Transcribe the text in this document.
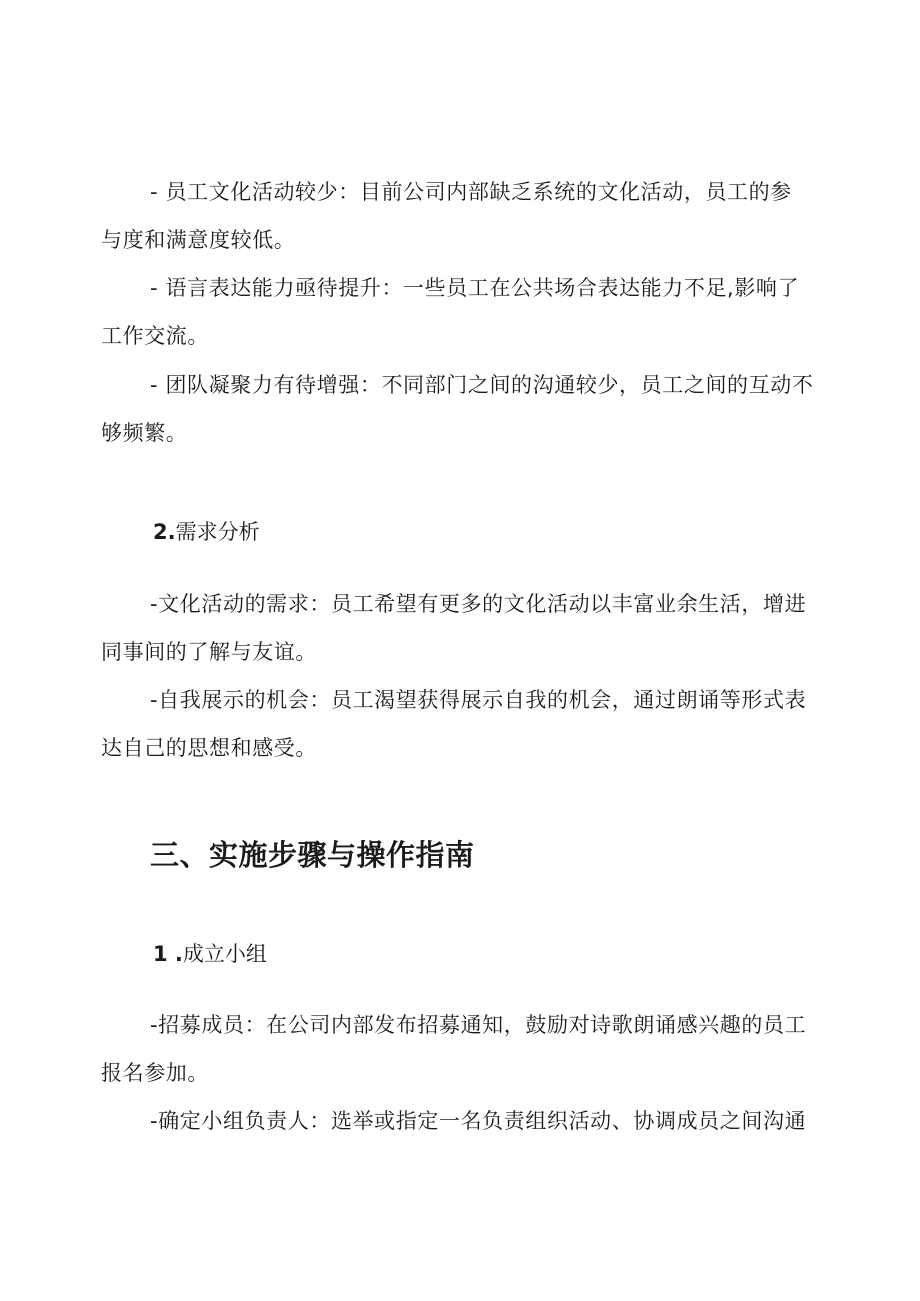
- 员工文化活动较少：目前公司内部缺乏系统的文化活动，员工的参
与度和满意度较低。
- 语言表达能力亟待提升：一些员工在公共场合表达能力不足,影响了
工作交流。
- 团队凝聚力有待增强：不同部门之间的沟通较少，员工之间的互动不
够频繁。
2.需求分析
-文化活动的需求：员工希望有更多的文化活动以丰富业余生活，增进
同事间的了解与友谊。
-自我展示的机会：员工渴望获得展示自我的机会，通过朗诵等形式表
达自己的思想和感受。
三、实施步骤与操作指南
1 .成立小组
-招募成员：在公司内部发布招募通知，鼓励对诗歌朗诵感兴趣的员工
报名参加。
-确定小组负责人：选举或指定一名负责组织活动、协调成员之间沟通
